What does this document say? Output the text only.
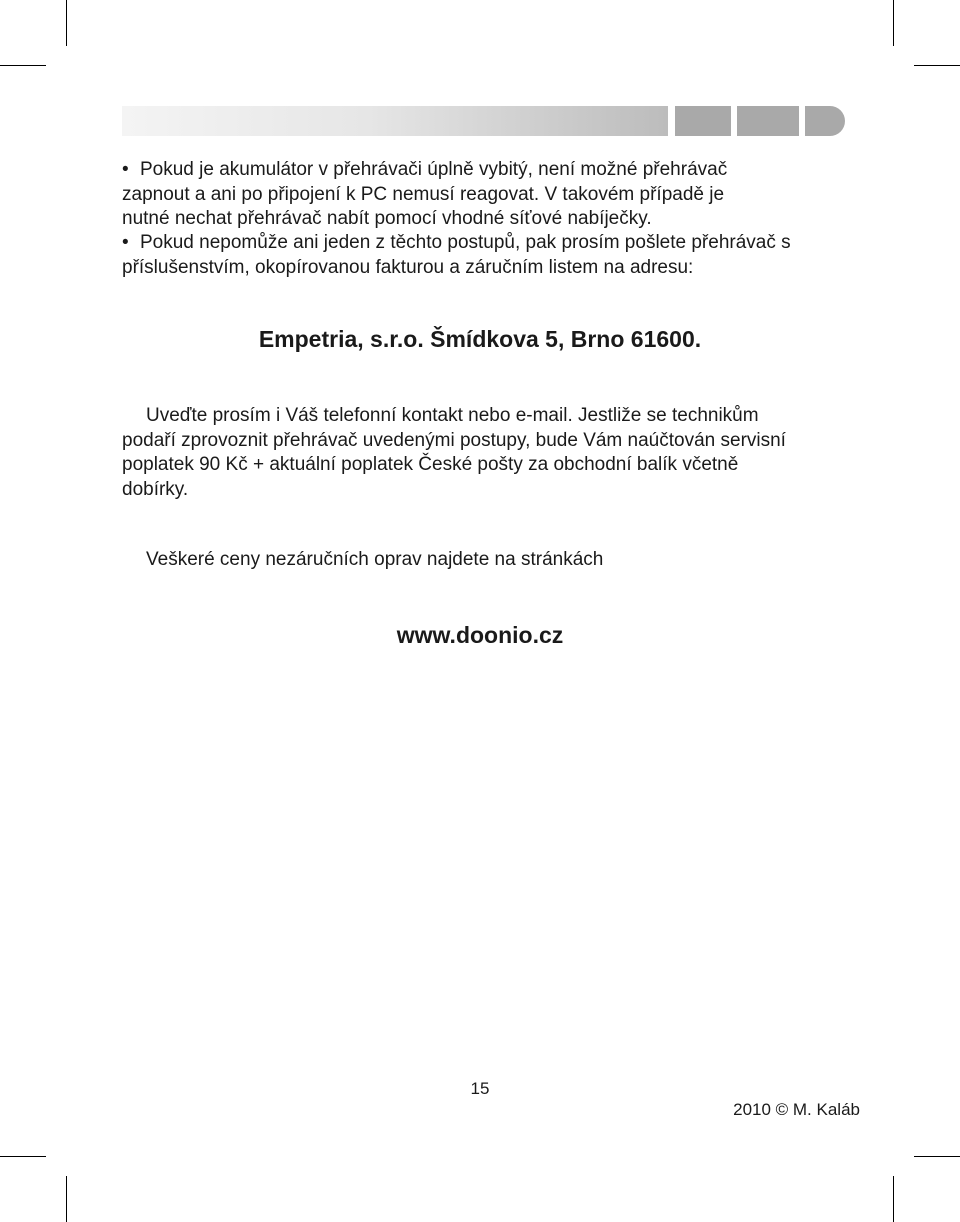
• Pokud je akumulátor v přehrávači úplně vybitý, není možné přehrávač
zapnout a ani po připojení k PC nemusí reagovat. V takovém případě je
nutné nechat přehrávač nabít pomocí vhodné síťové nabíječky.
• Pokud nepomůže ani jeden z těchto postupů, pak prosím pošlete přehrávač s
příslušenstvím, okopírovanou fakturou a záručním listem na adresu:

Empetria, s.r.o. Šmídkova 5, Brno 61600.

Uveďte prosím i Váš telefonní kontakt nebo e-mail. Jestliže se technikům
podaří zprovoznit přehrávač uvedenými postupy, bude Vám naúčtován servisní
poplatek 90 Kč + aktuální poplatek České pošty za obchodní balík včetně
dobírky.
Veškeré ceny nezáručních oprav najdete na stránkách

www.doonio.cz

15
2010 © M. Kaláb
